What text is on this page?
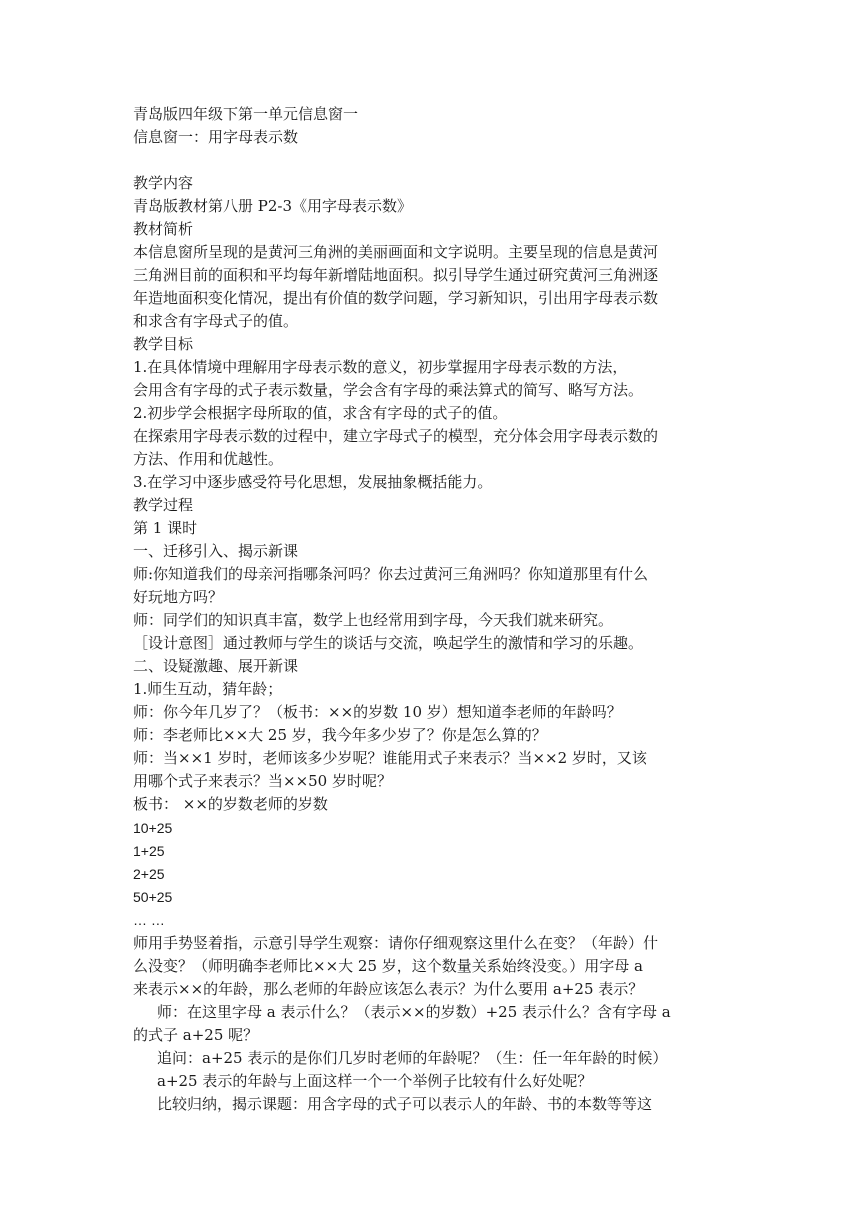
青岛版四年级下第一单元信息窗一
信息窗一：用字母表示数
教学内容
青岛版教材第八册 P2-3《用字母表示数》
教材简析
本信息窗所呈现的是黄河三角洲的美丽画面和文字说明。主要呈现的信息是黄河
三角洲目前的面积和平均每年新增陆地面积。拟引导学生通过研究黄河三角洲逐
年造地面积变化情况，提出有价值的数学问题，学习新知识，引出用字母表示数
和求含有字母式子的值。
教学目标
1.在具体情境中理解用字母表示数的意义，初步掌握用字母表示数的方法，
会用含有字母的式子表示数量，学会含有字母的乘法算式的简写、略写方法。
2.初步学会根据字母所取的值，求含有字母的式子的值。
在探索用字母表示数的过程中，建立字母式子的模型，充分体会用字母表示数的
方法、作用和优越性。
3.在学习中逐步感受符号化思想，发展抽象概括能力。
教学过程
第 1 课时
一、迁移引入、揭示新课
师:你知道我们的母亲河指哪条河吗？你去过黄河三角洲吗？你知道那里有什么
好玩地方吗？
师：同学们的知识真丰富，数学上也经常用到字母，今天我们就来研究。
［设计意图］通过教师与学生的谈话与交流，唤起学生的激情和学习的乐趣。
二、设疑激趣、展开新课
1.师生互动，猜年龄；
师：你今年几岁了？（板书：××的岁数 10 岁）想知道李老师的年龄吗？
师：李老师比××大 25 岁，我今年多少岁了？你是怎么算的？
师：当××1 岁时，老师该多少岁呢？谁能用式子来表示？当××2 岁时，又该
用哪个式子来表示？当××50 岁时呢？
板书： ××的岁数老师的岁数
10+25
1+25
2+25
50+25
… …
师用手势竖着指，示意引导学生观察：请你仔细观察这里什么在变？（年龄）什
么没变？（师明确李老师比××大 25 岁，这个数量关系始终没变。）用字母 a
来表示××的年龄，那么老师的年龄应该怎么表示？为什么要用 a+25 表示？
师：在这里字母 a 表示什么？（表示××的岁数）+25 表示什么？含有字母 a
的式子 a+25 呢？
追问：a+25 表示的是你们几岁时老师的年龄呢？（生：任一年年龄的时候）
a+25 表示的年龄与上面这样一个一个举例子比较有什么好处呢？
比较归纳，揭示课题：用含字母的式子可以表示人的年龄、书的本数等等这
